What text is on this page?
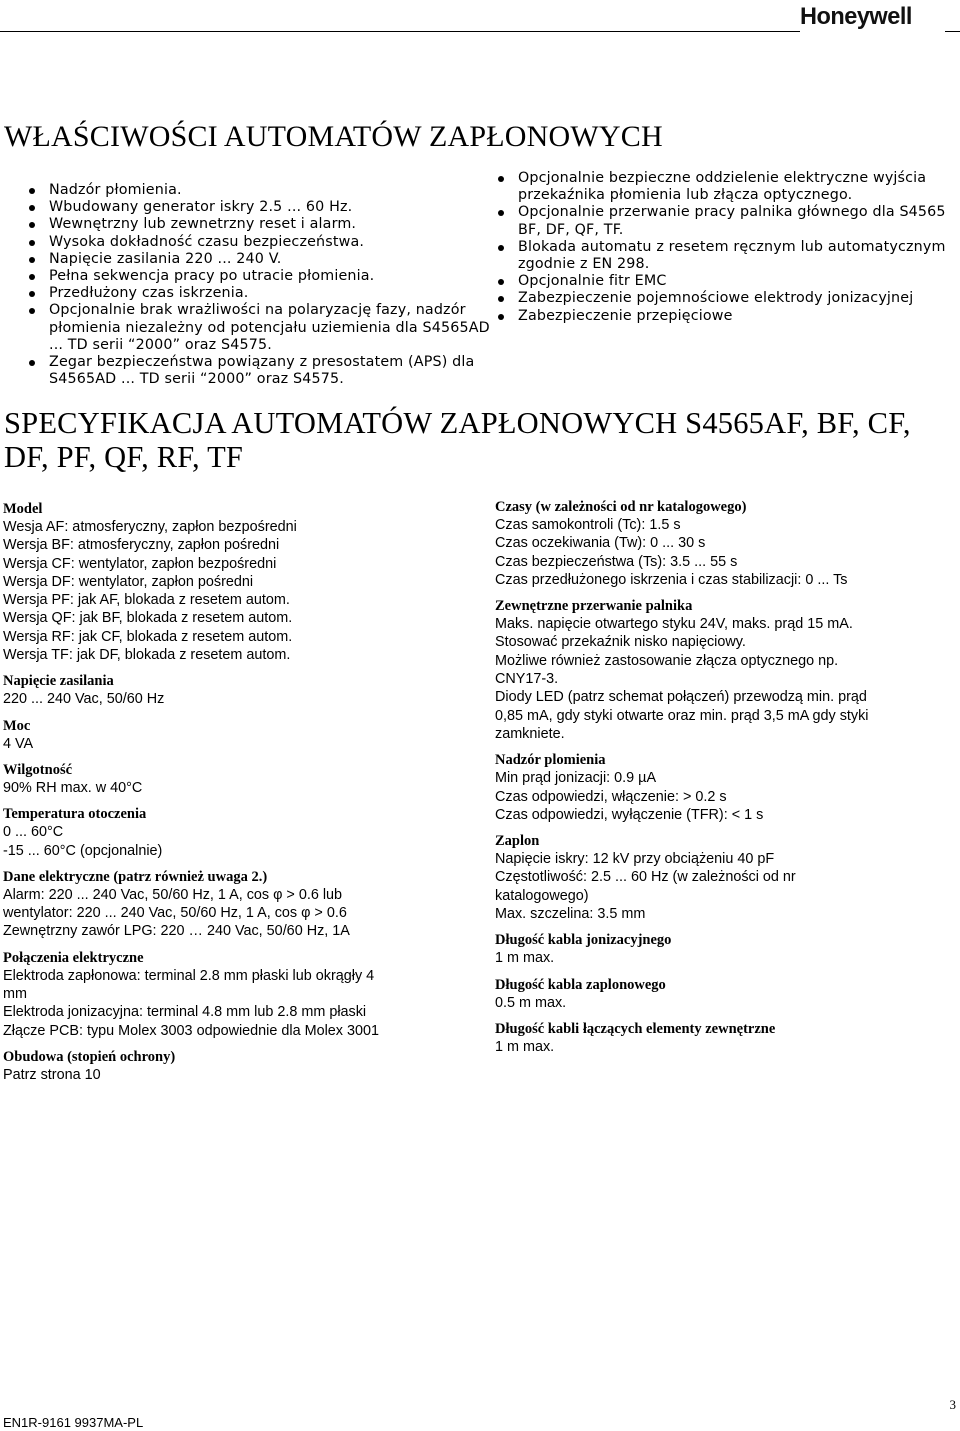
Honeywell
WŁAŚCIWOŚCI AUTOMATÓW ZAPŁONOWYCH
Nadzór płomienia.
Wbudowany generator iskry 2.5 ... 60 Hz.
Wewnętrzny lub zewnetrzny reset i alarm.
Wysoka dokładność czasu bezpieczeństwa.
Napięcie zasilania 220 ... 240 V.
Pełna sekwencja pracy po utracie płomienia.
Przedłużony czas iskrzenia.
Opcjonalnie brak wrażliwości na polaryzację fazy, nadzór płomienia niezależny od potencjału uziemienia dla S4565AD ... TD serii “2000” oraz S4575.
Zegar bezpieczeństwa powiązany z presostatem (APS) dla S4565AD ... TD serii “2000” oraz S4575.
Opcjonalnie bezpieczne oddzielenie elektryczne wyjścia przekaźnika płomienia lub złącza optycznego.
Opcjonalnie przerwanie pracy palnika głównego dla S4565 BF, DF, QF, TF.
Blokada automatu z resetem ręcznym lub automatycznym zgodnie z EN 298.
Opcjonalnie fitr EMC
Zabezpieczenie pojemnościowe elektrody jonizacyjnej
Zabezpieczenie przepięciowe
SPECYFIKACJA AUTOMATÓW ZAPŁONOWYCH S4565AF, BF, CF, DF, PF, QF, RF, TF
Model
Wesja AF: atmosferyczny, zapłon bezpośredni
Wersja BF: atmosferyczny, zapłon pośredni
Wersja CF: wentylator, zapłon bezpośredni
Wersja DF: wentylator, zapłon pośredni
Wersja PF: jak AF, blokada z resetem autom.
Wersja QF: jak BF, blokada z resetem autom.
Wersja RF: jak CF, blokada z resetem autom.
Wersja TF: jak DF, blokada z resetem autom.
Napięcie zasilania
220 ... 240 Vac, 50/60 Hz
Moc
4 VA
Wilgotność
90% RH max. w 40°C
Temperatura otoczenia
0 ... 60°C
-15 ... 60°C (opcjonalnie)
Dane elektryczne (patrz również uwaga 2.)
Alarm: 220 ... 240 Vac, 50/60 Hz, 1 A, cos φ > 0.6 lub
wentylator: 220 ... 240 Vac, 50/60 Hz, 1 A, cos φ > 0.6
Zewnętrzny zawór LPG: 220 … 240 Vac, 50/60 Hz, 1A
Połączenia elektryczne
Elektroda zapłonowa: terminal 2.8 mm płaski lub okrągły 4
mm
Elektroda jonizacyjna: terminal 4.8 mm lub 2.8 mm płaski
Złącze PCB: typu Molex 3003 odpowiednie dla Molex 3001
Obudowa (stopień ochrony)
Patrz strona 10
Czasy (w zależności od nr katalogowego)
Czas samokontroli (Tc): 1.5 s
Czas oczekiwania (Tw): 0 ... 30 s
Czas bezpieczeństwa (Ts): 3.5 ... 55 s
Czas przedłużonego iskrzenia i czas stabilizacji: 0 ... Ts
Zewnętrzne przerwanie palnika
Maks. napięcie otwartego styku 24V, maks. prąd 15 mA.
Stosować przekaźnik nisko napięciowy.
Możliwe również zastosowanie złącza optycznego np.
CNY17-3.
Diody LED (patrz schemat połączeń) przewodzą min. prąd
0,85 mA, gdy styki otwarte oraz min. prąd 3,5 mA gdy styki
zamkniete.
Nadzór plomienia
Min prąd jonizacji: 0.9 µA
Czas odpowiedzi, włączenie: > 0.2 s
Czas odpowiedzi, wyłączenie (TFR): < 1 s
Zaplon
Napięcie iskry: 12 kV przy obciążeniu 40 pF
Częstotliwość: 2.5 ... 60 Hz (w zależności od nr
katalogowego)
Max. szczelina: 3.5 mm
Długość kabla jonizacyjnego
1 m max.
Długość kabla zaplonowego
0.5 m max.
Długość kabli łączących elementy zewnętrzne
1 m max.
EN1R-9161 9937MA-PL
3
